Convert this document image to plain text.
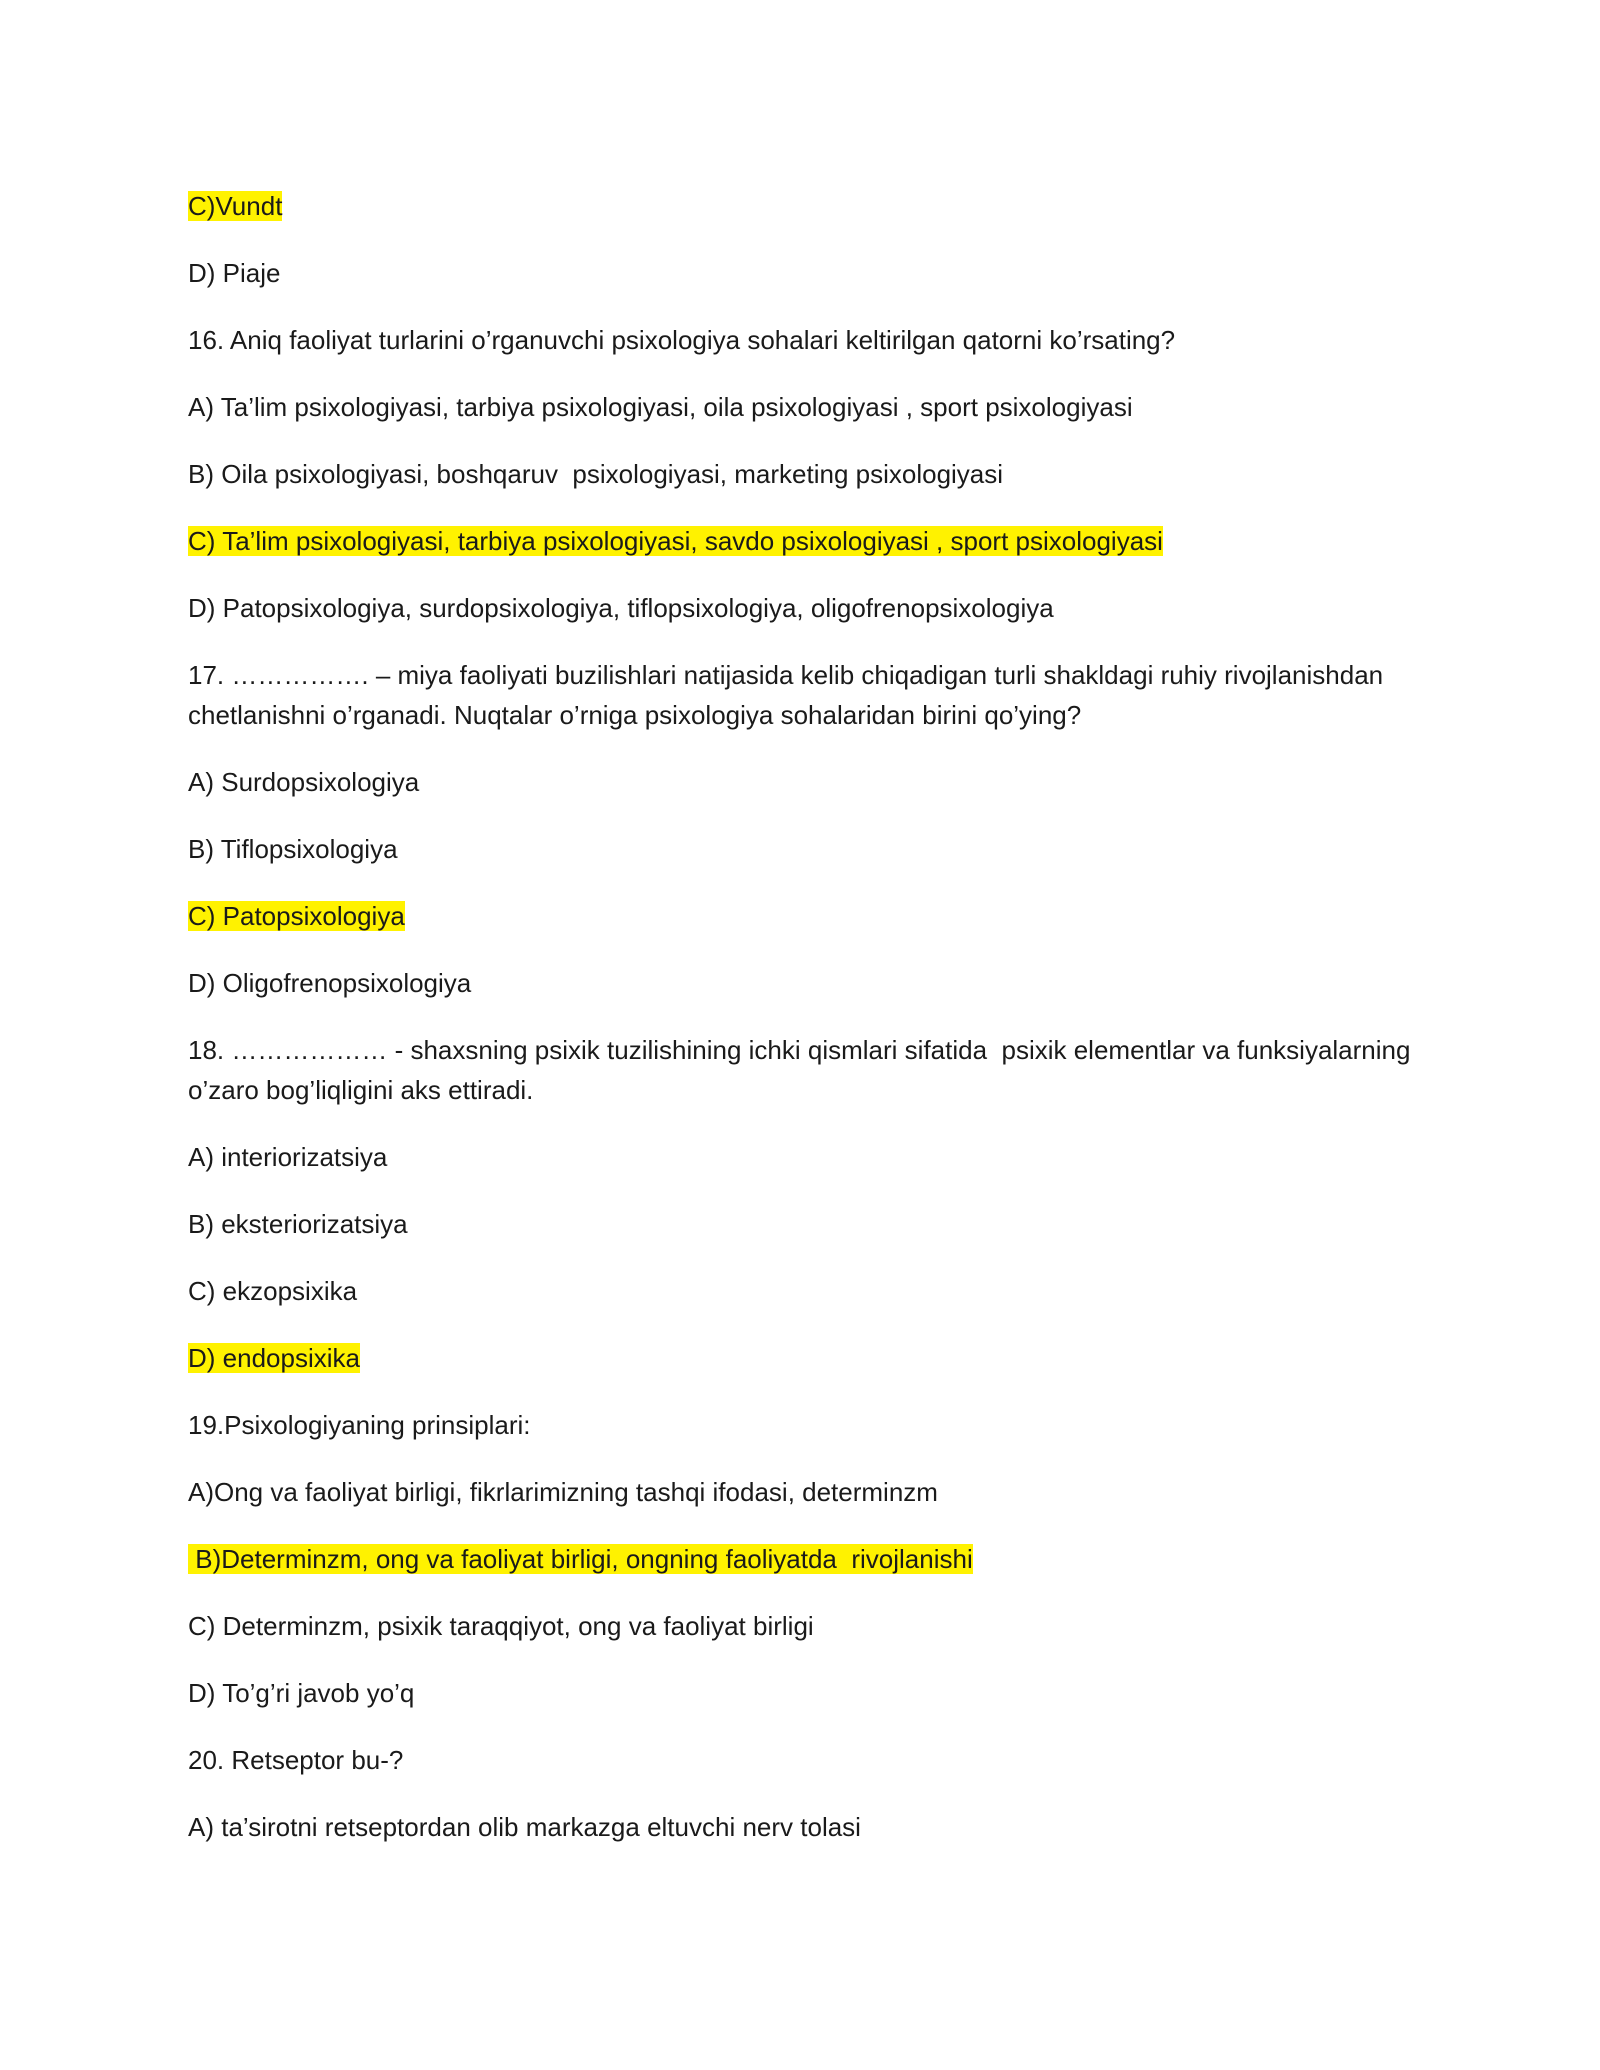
C)Vundt

D) Piaje

16. Aniq faoliyat turlarini o’rganuvchi psixologiya sohalari keltirilgan qatorni ko’rsating?

A) Ta’lim psixologiyasi, tarbiya psixologiyasi, oila psixologiyasi , sport psixologiyasi

B) Oila psixologiyasi, boshqaruv  psixologiyasi, marketing psixologiyasi

C) Ta’lim psixologiyasi, tarbiya psixologiyasi, savdo psixologiyasi , sport psixologiyasi

D) Patopsixologiya, surdopsixologiya, tiflopsixologiya, oligofrenopsixologiya

17. ……………. – miya faoliyati buzilishlari natijasida kelib chiqadigan turli shakldagi ruhiy rivojlanishdan chetlanishni o’rganadi. Nuqtalar o’rniga psixologiya sohalaridan birini qo’ying?

A) Surdopsixologiya

B) Tiflopsixologiya

C) Patopsixologiya

D) Oligofrenopsixologiya

18. ……………… - shaxsning psixik tuzilishining ichki qismlari sifatida  psixik elementlar va funksiyalarning o’zaro bog’liqligini aks ettiradi.

A) interiorizatsiya

B) eksteriorizatsiya

C) ekzopsixika

D) endopsixika

19.Psixologiyaning prinsiplari:

A)Ong va faoliyat birligi, fikrlarimizning tashqi ifodasi, determinzm

B)Determinzm, ong va faoliyat birligi, ongning faoliyatda  rivojlanishi

C) Determinzm, psixik taraqqiyot, ong va faoliyat birligi

D) To’g’ri javob yo’q

20. Retseptor bu-?

A) ta’sirotni retseptordan olib markazga eltuvchi nerv tolasi
